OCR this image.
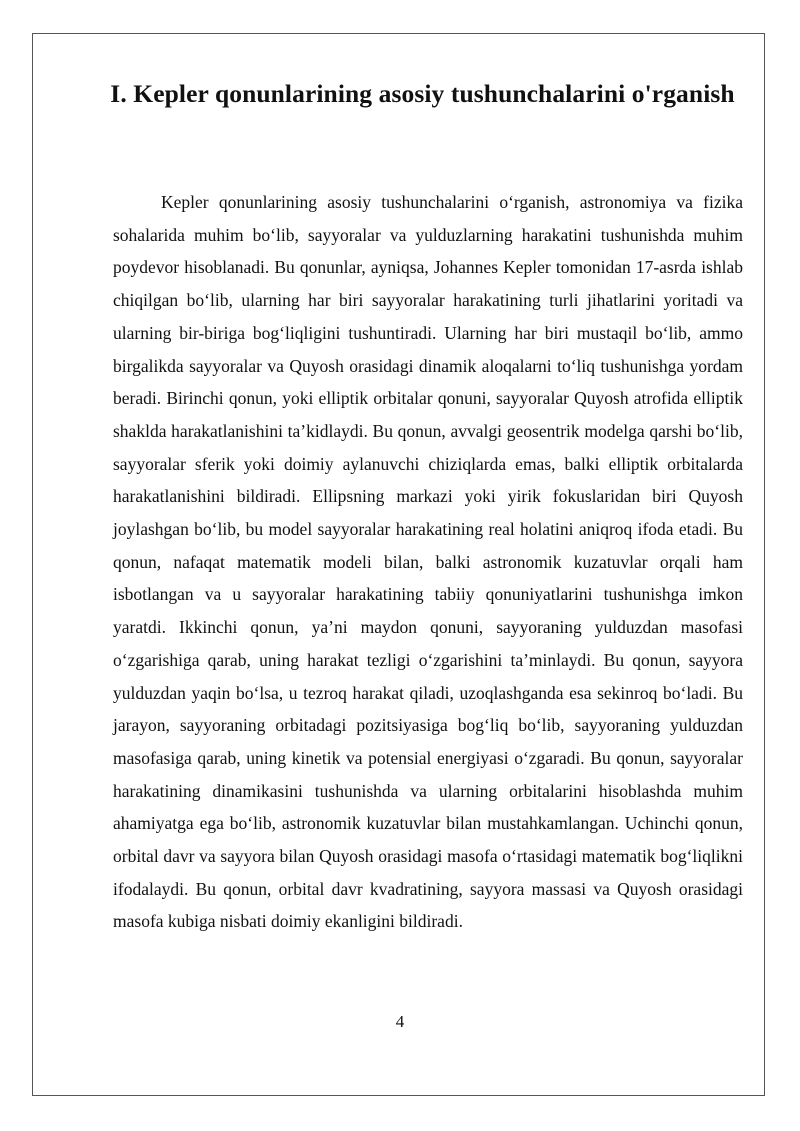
I. Kepler qonunlarining asosiy tushunchalarini o'rganish

Kepler qonunlarining asosiy tushunchalarini o‘rganish, astronomiya va fizika sohalarida muhim bo‘lib, sayyoralar va yulduzlarning harakatini tushunishda muhim poydevor hisoblanadi. Bu qonunlar, ayniqsa, Johannes Kepler tomonidan 17-asrda ishlab chiqilgan bo‘lib, ularning har biri sayyoralar harakatining turli jihatlarini yoritadi va ularning bir-biriga bog‘liqligini tushuntiradi. Ularning har biri mustaqil bo‘lib, ammo birgalikda sayyoralar va Quyosh orasidagi dinamik aloqalarni to‘liq tushunishga yordam beradi. Birinchi qonun, yoki elliptik orbitalar qonuni, sayyoralar Quyosh atrofida elliptik shaklda harakatlanishini ta’kidlaydi. Bu qonun, avvalgi geosentrik modelga qarshi bo‘lib, sayyoralar sferik yoki doimiy aylanuvchi chiziqlarda emas, balki elliptik orbitalarda harakatlanishini bildiradi. Ellipsning markazi yoki yirik fokuslaridan biri Quyosh joylashgan bo‘lib, bu model sayyoralar harakatining real holatini aniqroq ifoda etadi. Bu qonun, nafaqat matematik modeli bilan, balki astronomik kuzatuvlar orqali ham isbotlangan va u sayyoralar harakatining tabiiy qonuniyatlarini tushunishga imkon yaratdi. Ikkinchi qonun, ya’ni maydon qonuni, sayyoraning yulduzdan masofasi o‘zgarishiga qarab, uning harakat tezligi o‘zgarishini ta’minlaydi. Bu qonun, sayyora yulduzdan yaqin bo‘lsa, u tezroq harakat qiladi, uzoqlashganda esa sekinroq bo‘ladi. Bu jarayon, sayyoraning orbitadagi pozitsiyasiga bog‘liq bo‘lib, sayyoraning yulduzdan masofasiga qarab, uning kinetik va potensial energiyasi o‘zgaradi. Bu qonun, sayyoralar harakatining dinamikasini tushunishda va ularning orbitalarini hisoblashda muhim ahamiyatga ega bo‘lib, astronomik kuzatuvlar bilan mustahkamlangan. Uchinchi qonun, orbital davr va sayyora bilan Quyosh orasidagi masofa o‘rtasidagi matematik bog‘liqlikni ifodalaydi. Bu qonun, orbital davr kvadratining, sayyora massasi va Quyosh orasidagi masofa kubiga nisbati doimiy ekanligini bildiradi.

4
